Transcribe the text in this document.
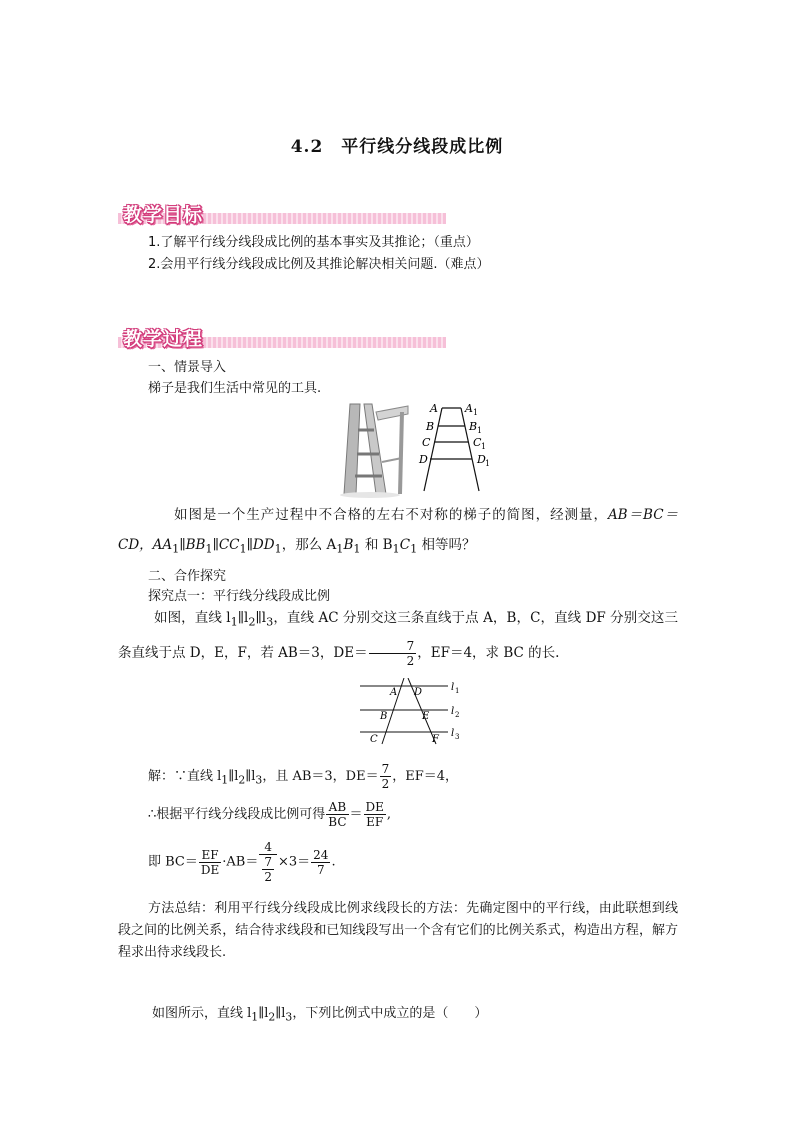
4.2　平行线分线段成比例
教学目标
1.了解平行线分线段成比例的基本事实及其推论；（重点）
2.会用平行线分线段成比例及其推论解决相关问题.（难点）
教学过程
一、情景导入
梯子是我们生活中常见的工具.
A
B
C
D
A 1
B 1
C 1
D 1
如图是一个生产过程中不合格的左右不对称的梯子的简图，经测量，AB＝BC＝CD，$AA_1\parallel BB_1\parallel CC_1\parallel DD_1$，那么 $A_1B_1$ 和 $B_1C_1$ 相等吗？
二、合作探究
探究点一：平行线分线段成比例
如图，直线 $l_1\parallel l_2\parallel l_3$，直线 AC 分别交这三条直线于点 A，B，C，直线 DF 分别交这三条直线于点 D，E，F，若 AB＝3，$DE= \frac{7}{2}$ ，EF＝4，求 BC 的长.
A D
B	E
C	F
l 1
l 2
l 3
解：∵直线 $l_1\parallel l_2\parallel l_3$，且 AB＝3，$DE= \frac{7}{2}$ ，EF＝4，
∴根据平行线分线段成比例可得 $\frac{AB}{BC} = \frac{DE}{EF}$ ,
即 $BC= \frac{EF}{DE} \cdot AB= 4$
7
$2 \times 3= \frac{24}{7}$ .
方法总结：利用平行线分线段成比例求线段长的方法：先确定图中的平行线，由此联想到线段之间的比例关系，结合待求线段和已知线段写出一个含有它们的比例关系式，构造出方程，解方程求出待求线段长.
如图所示，直线 $l_1\parallel l_2\parallel l_3$，下列比例式中成立的是（　　）
